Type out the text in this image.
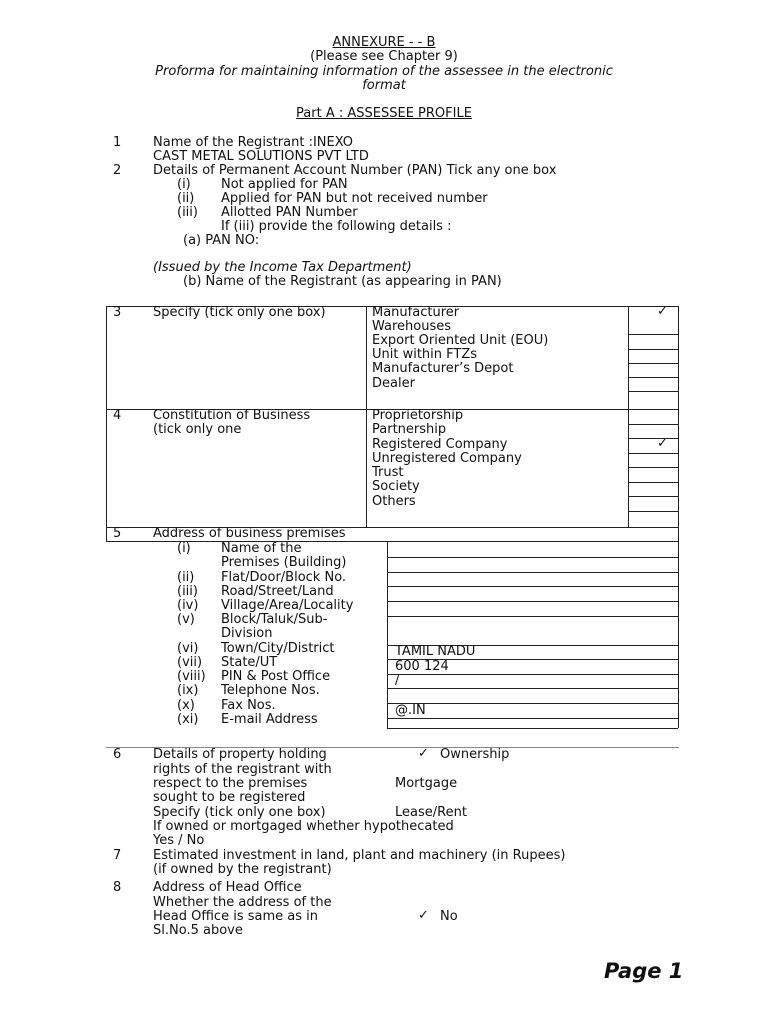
ANNEXURE - - B
(Please see Chapter 9)
Proforma for maintaining information of the assessee in the electronic
format
Part A : ASSESSEE PROFILE
1 Name of the Registrant :INEXO
CAST METAL SOLUTIONS PVT LTD
2 Details of Permanent Account Number (PAN) Tick any one box
(i) Not applied for PAN
(ii) Applied for PAN but not received number
(iii) Allotted PAN Number
If (iii) provide the following details :
(a) PAN NO:
(Issued by the Income Tax Department)
(b) Name of the Registrant (as appearing in PAN)
3 Specify (tick only one box)	Manufacturer
Warehouses
Export Oriented Unit (EOU)
Unit within FTZs
Manufacturer’s Depot
Dealer
✓
4 Constitution of Business
(tick only one
Proprietorship
Partnership
Registered Company
Unregistered Company
Trust
Society
Others
✓
5 Address of business premises
(i) Name of the
Premises (Building)
(ii) Flat/Door/Block No.
(iii) Road/Street/Land
(iv) Village/Area/Locality
(v) Block/Taluk/Sub-
Division
(vi) Town/City/District
(vii) State/UT
(viii) PIN & Post Office
(ix) Telephone Nos.
(x) Fax Nos.
(xi) E-mail Address
TAMIL NADU
600 124
/
@.IN
6 Details of property holding
rights of the registrant with
respect to the premises
sought to be registered
Specify (tick only one box)
✓ Ownership
Mortgage
Lease/Rent
If owned or mortgaged whether hypothecated
Yes / No
7 Estimated investment in land, plant and machinery (in Rupees)
(if owned by the registrant)
8 Address of Head Office
Whether the address of the
Head Office is same as in
Sl.No.5 above
✓ No
Page 1
